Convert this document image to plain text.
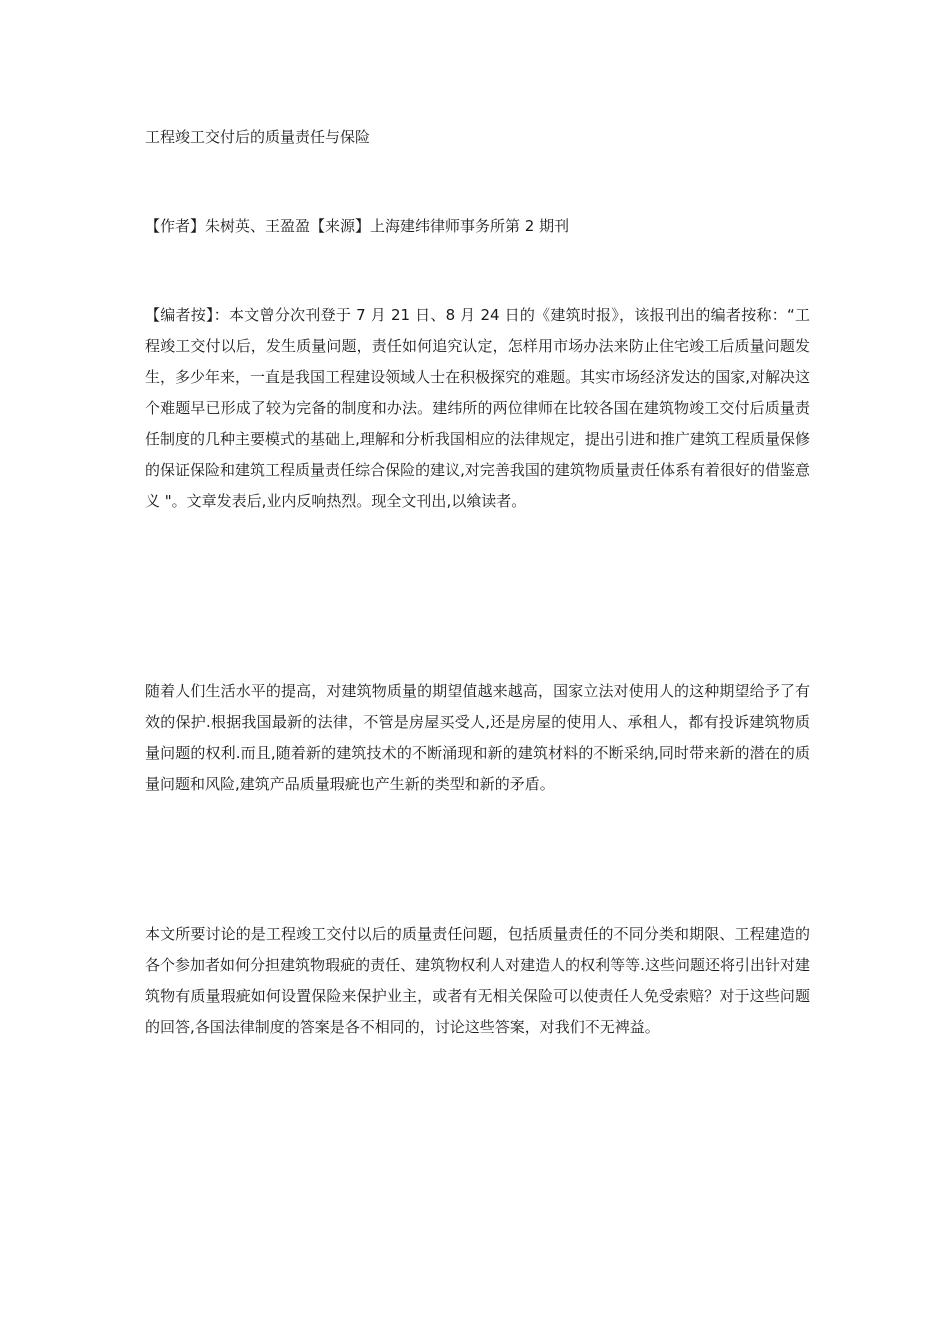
工程竣工交付后的质量责任与保险
【作者】朱树英、王盈盈【来源】上海建纬律师事务所第 2 期刊

【编者按】：本文曾分次刊登于 7 月 21 日、8 月 24 日的《建筑时报》，该报刊出的编者按称：“工程竣工交付以后，发生质量问题，责任如何追究认定，怎样用市场办法来防止住宅竣工后质量问题发生，多少年来，一直是我国工程建设领域人士在积极探究的难题。其实市场经济发达的国家,对解决这个难题早已形成了较为完备的制度和办法。建纬所的两位律师在比较各国在建筑物竣工交付后质量责任制度的几种主要模式的基础上,理解和分析我国相应的法律规定，提出引进和推广建筑工程质量保修的保证保险和建筑工程质量责任综合保险的建议,对完善我国的建筑物质量责任体系有着很好的借鉴意义 "。文章发表后,业内反响热烈。现全文刊出,以飨读者。

随着人们生活水平的提高，对建筑物质量的期望值越来越高，国家立法对使用人的这种期望给予了有效的保护.根据我国最新的法律，不管是房屋买受人,还是房屋的使用人、承租人，都有投诉建筑物质量问题的权利.而且,随着新的建筑技术的不断涌现和新的建筑材料的不断采纳,同时带来新的潜在的质量问题和风险,建筑产品质量瑕疵也产生新的类型和新的矛盾。

本文所要讨论的是工程竣工交付以后的质量责任问题，包括质量责任的不同分类和期限、工程建造的各个参加者如何分担建筑物瑕疵的责任、建筑物权利人对建造人的权利等等.这些问题还将引出针对建筑物有质量瑕疵如何设置保险来保护业主，或者有无相关保险可以使责任人免受索赔？对于这些问题的回答,各国法律制度的答案是各不相同的，讨论这些答案，对我们不无裨益。
